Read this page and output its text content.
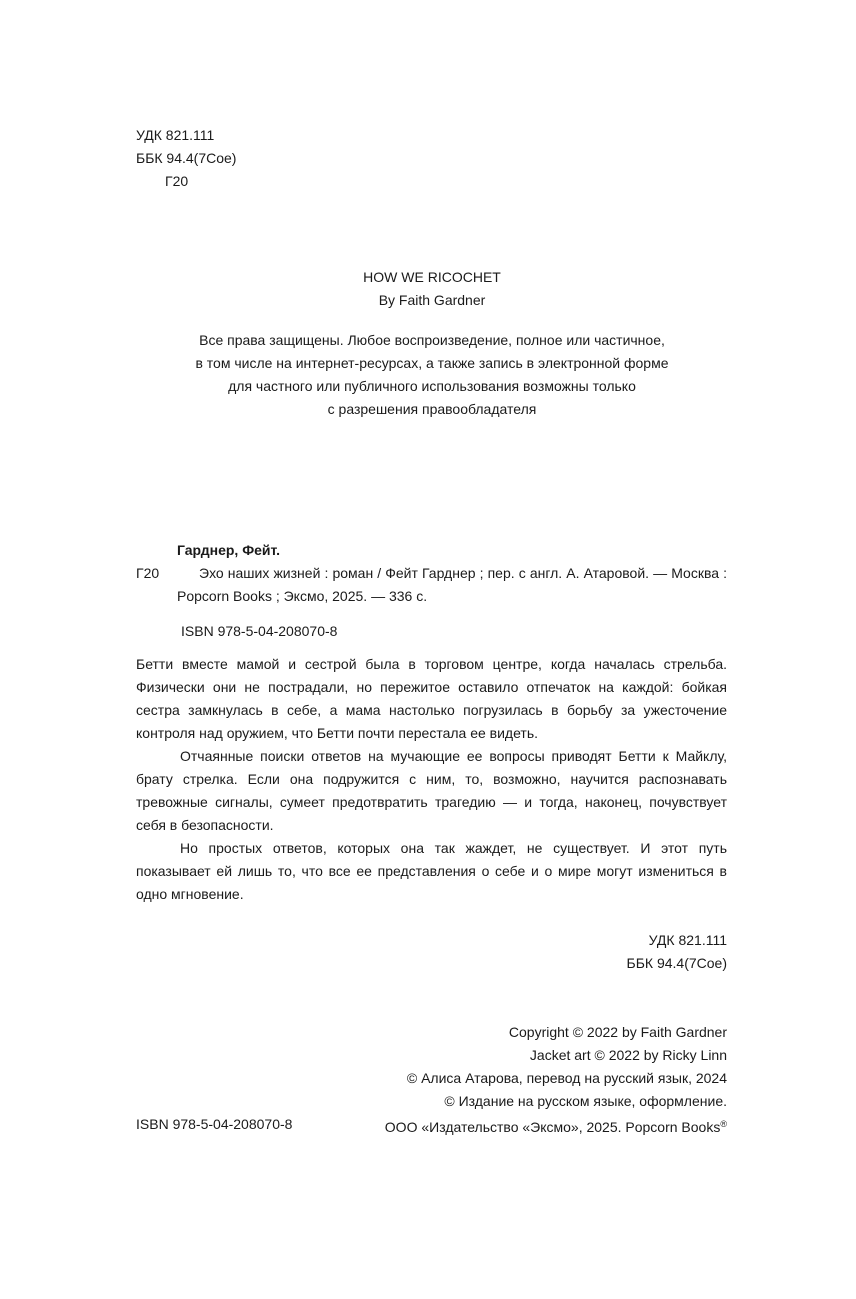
УДК 821.111
ББК 94.4(7Сое)
Г20
HOW WE RICOCHET
By Faith Gardner
Все права защищены. Любое воспроизведение, полное или частичное,
в том числе на интернет-ресурсах, а также запись в электронной форме
для частного или публичного использования возможны только
с разрешения правообладателя
Гарднер, Фейт.
Г20	Эхо наших жизней : роман / Фейт Гарднер ; пер. с англ. А. Атаровой. — Москва : Popcorn Books ; Эксмо, 2025. — 336 с.

ISBN 978-5-04-208070-8

Бетти вместе мамой и сестрой была в торговом центре, когда началась стрельба. Физически они не пострадали, но пережитое оставило отпечаток на каждой: бойкая сестра замкнулась в себе, а мама настолько погрузилась в борьбу за ужесточение контроля над оружием, что Бетти почти перестала ее видеть.

Отчаянные поиски ответов на мучающие ее вопросы приводят Бетти к Майклу, брату стрелка. Если она подружится с ним, то, возможно, научится распознавать тревожные сигналы, сумеет предотвратить трагедию — и тогда, наконец, почувствует себя в безопасности.

Но простых ответов, которых она так жаждет, не существует. И этот путь показывает ей лишь то, что все ее представления о себе и о мире могут измениться в одно мгновение.

УДК 821.111
ББК 94.4(7Сое)
Copyright © 2022 by Faith Gardner
Jacket art © 2022 by Ricky Linn
© Алиса Атарова, перевод на русский язык, 2024
© Издание на русском языке, оформление.
ООО «Издательство «Эксмо», 2025. Popcorn Books®
ISBN 978-5-04-208070-8
